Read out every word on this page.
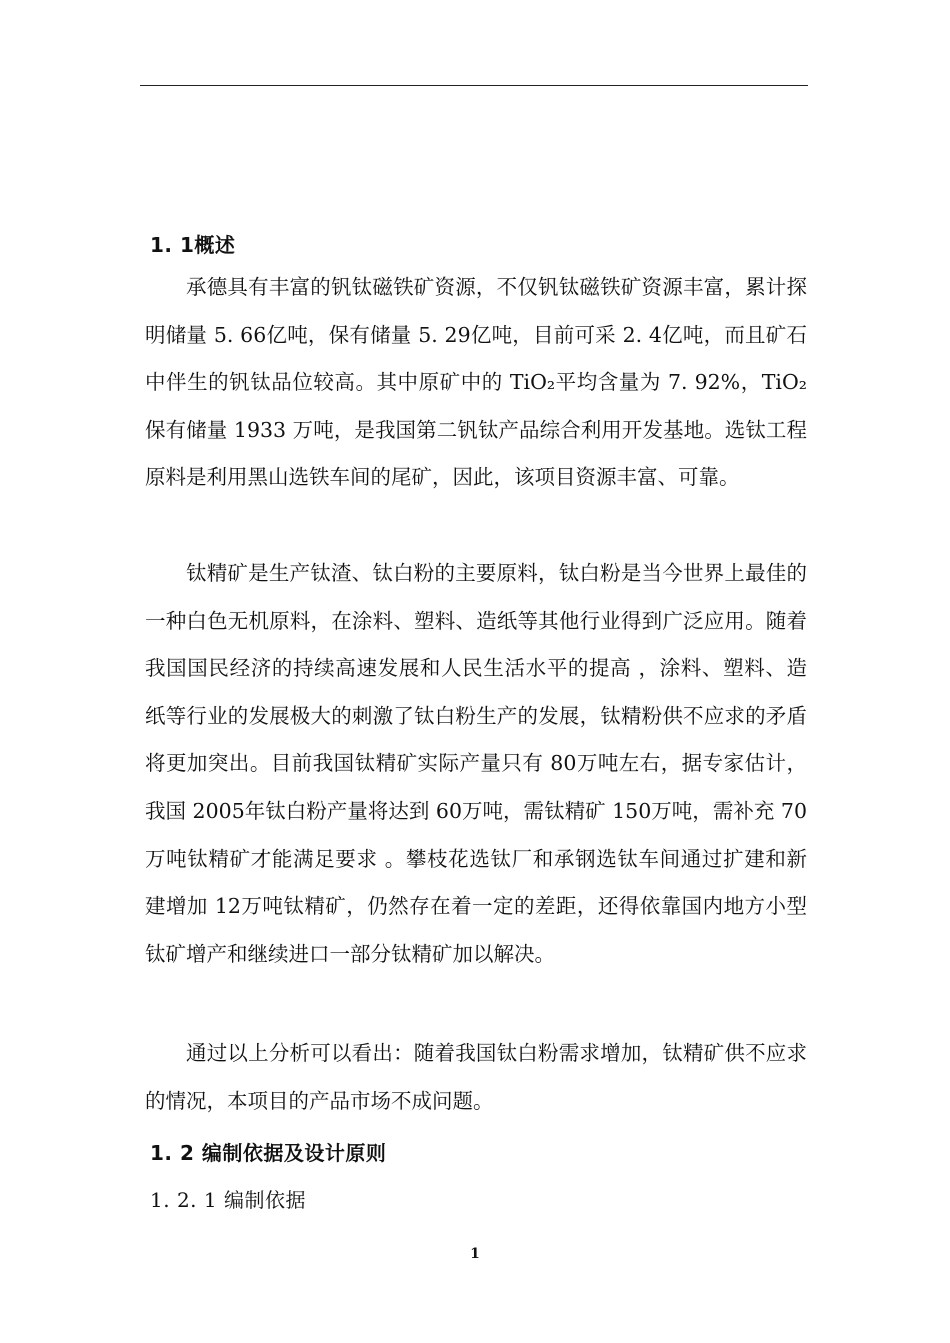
1. 1概述

承德具有丰富的钒钛磁铁矿资源，不仅钒钛磁铁矿资源丰富，累计探明储量 5. 66亿吨，保有储量 5. 29亿吨，目前可采 2. 4亿吨，而且矿石中伴生的钒钛品位较高。其中原矿中的 TiO₂平均含量为 7. 92%，TiO₂保有储量 1933 万吨，是我国第二钒钛产品综合利用开发基地。选钛工程原料是利用黑山选铁车间的尾矿，因此，该项目资源丰富、可靠。

钛精矿是生产钛渣、钛白粉的主要原料，钛白粉是当今世界上最佳的一种白色无机原料，在涂料、塑料、造纸等其他行业得到广泛应用。随着我国国民经济的持续高速发展和人民生活水平的提高 ，涂料、塑料、造纸等行业的发展极大的刺激了钛白粉生产的发展，钛精粉供不应求的矛盾将更加突出。目前我国钛精矿实际产量只有 80万吨左右，据专家估计，我国 2005年钛白粉产量将达到 60万吨，需钛精矿 150万吨，需补充 70万吨钛精矿才能满足要求 。攀枝花选钛厂和承钢选钛车间通过扩建和新建增加 12万吨钛精矿，仍然存在着一定的差距，还得依靠国内地方小型钛矿增产和继续进口一部分钛精矿加以解决。

通过以上分析可以看出：随着我国钛白粉需求增加，钛精矿供不应求的情况，本项目的产品市场不成问题。

1. 2 编制依据及设计原则
1. 2. 1 编制依据
1
